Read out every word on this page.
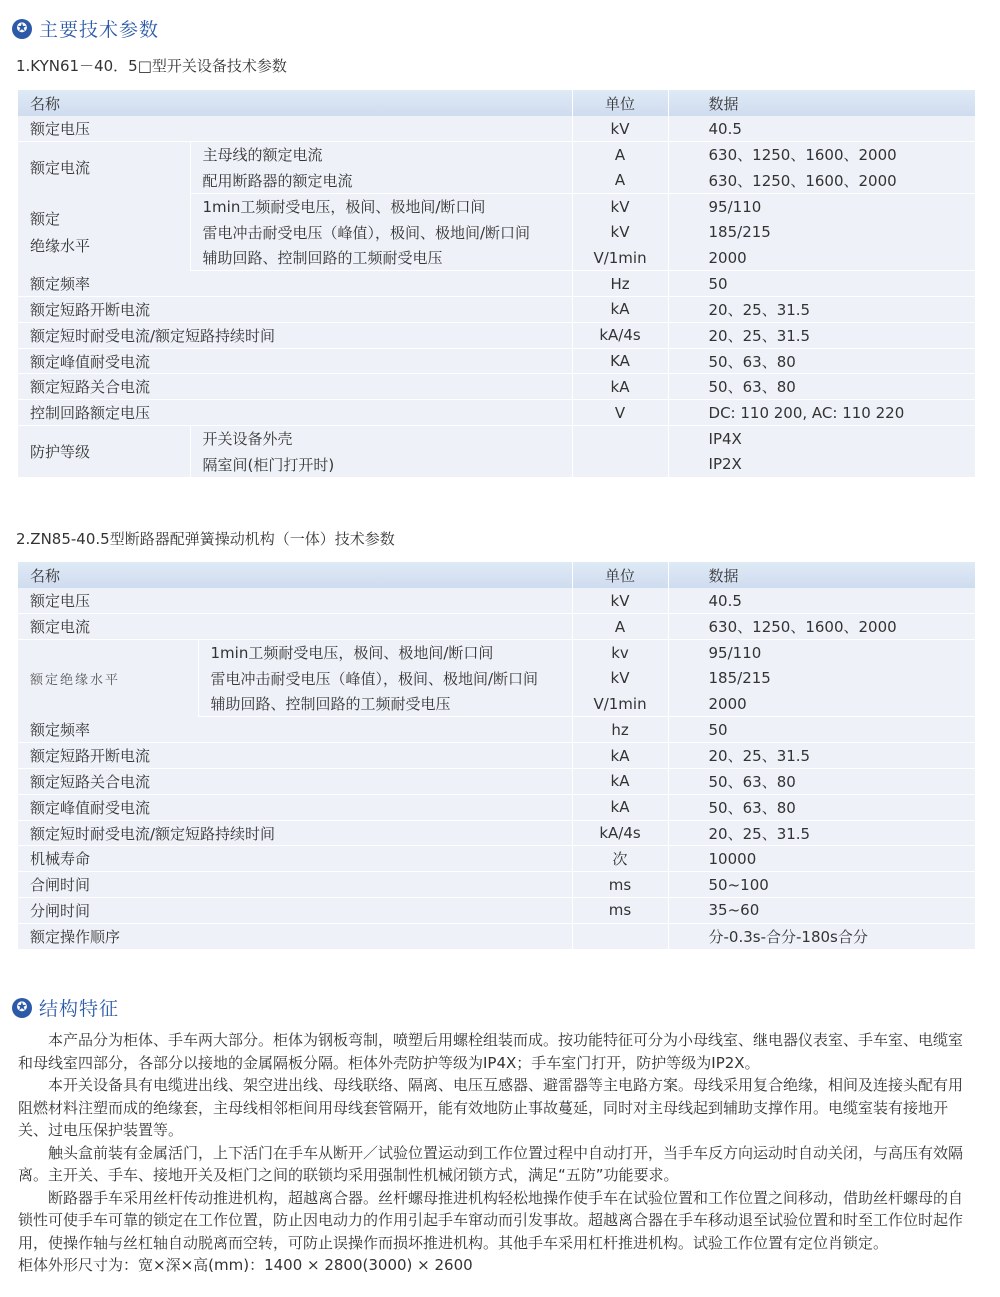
✪ 主要技术参数
1.KYN61－40．5□型开关设备技术参数
名称		单位	数据
额定电压		kV	40.5
额定电流	主母线的额定电流	A	630、1250、1600、2000
	配用断路器的额定电流	A	630、1250、1600、2000

额定
绝缘水平	1min工频耐受电压，极间、极地间/断口间	kV	95/110
	雷电冲击耐受电压（峰值），极间、极地间/断口间	kV	185/215
	辅助回路、控制回路的工频耐受电压	V/1min	2000
额定频率		Hz	50
额定短路开断电流		kA	20、25、31.5
额定短时耐受电流/额定短路持续时间		kA/4s	20、25、31.5
额定峰值耐受电流		KA	50、63、80
额定短路关合电流		kA	50、63、80
控制回路额定电压		V	DC: 110 200, AC: 110 220
防护等级	开关设备外壳		IP4X
	隔室间(柜门打开时)		IP2X
2.ZN85-40.5型断路器配弹簧操动机构（一体）技术参数
名称		单位	数据
额定电压		kV	40.5
额定电流		A	630、1250、1600、2000
额定绝缘水平	1min工频耐受电压，极间、极地间/断口间	kv	95/110
	雷电冲击耐受电压（峰值），极间、极地间/断口间	kV	185/215
	辅助回路、控制回路的工频耐受电压	V/1min	2000
额定频率		hz	50
额定短路开断电流		kA	20、25、31.5
额定短路关合电流		kA	50、63、80
额定峰值耐受电流		kA	50、63、80
额定短时耐受电流/额定短路持续时间		kA/4s	20、25、31.5
机械寿命		次	10000
合闸时间		ms	50~100
分闸时间		ms	35~60
额定操作顺序			分-0.3s-合分-180s合分
✪ 结构特征

本产品分为柜体、手车两大部分。柜体为钢板弯制，喷塑后用螺栓组装而成。按功能特征可分为小母线室、继电器仪表室、手车室、电缆室和母线室四部分，各部分以接地的金属隔板分隔。柜体外壳防护等级为IP4X；手车室门打开，防护等级为IP2X。

本开关设备具有电缆进出线、架空进出线、母线联络、隔离、电压互感器、避雷器等主电路方案。母线采用复合绝缘，相间及连接头配有用阻燃材料注塑而成的绝缘套，主母线相邻柜间用母线套管隔开，能有效地防止事故蔓延，同时对主母线起到辅助支撑作用。电缆室装有接地开关、过电压保护装置等。

触头盒前装有金属活门，上下活门在手车从断开／试验位置运动到工作位置过程中自动打开，当手车反方向运动时自动关闭，与高压有效隔离。主开关、手车、接地开关及柜门之间的联锁均采用强制性机械闭锁方式，满足“五防”功能要求。

断路器手车采用丝杆传动推进机构，超越离合器。丝杆螺母推进机构轻松地操作使手车在试验位置和工作位置之间移动，借助丝杆螺母的自锁性可使手车可靠的锁定在工作位置，防止因电动力的作用引起手车窜动而引发事故。超越离合器在手车移动退至试验位置和时至工作位时起作用，使操作轴与丝杠轴自动脱离而空转，可防止误操作而损坏推进机构。其他手车采用杠杆推进机构。试验工作位置有定位肖锁定。

柜体外形尺寸为：宽×深×高(mm)：1400 × 2800(3000) × 2600
